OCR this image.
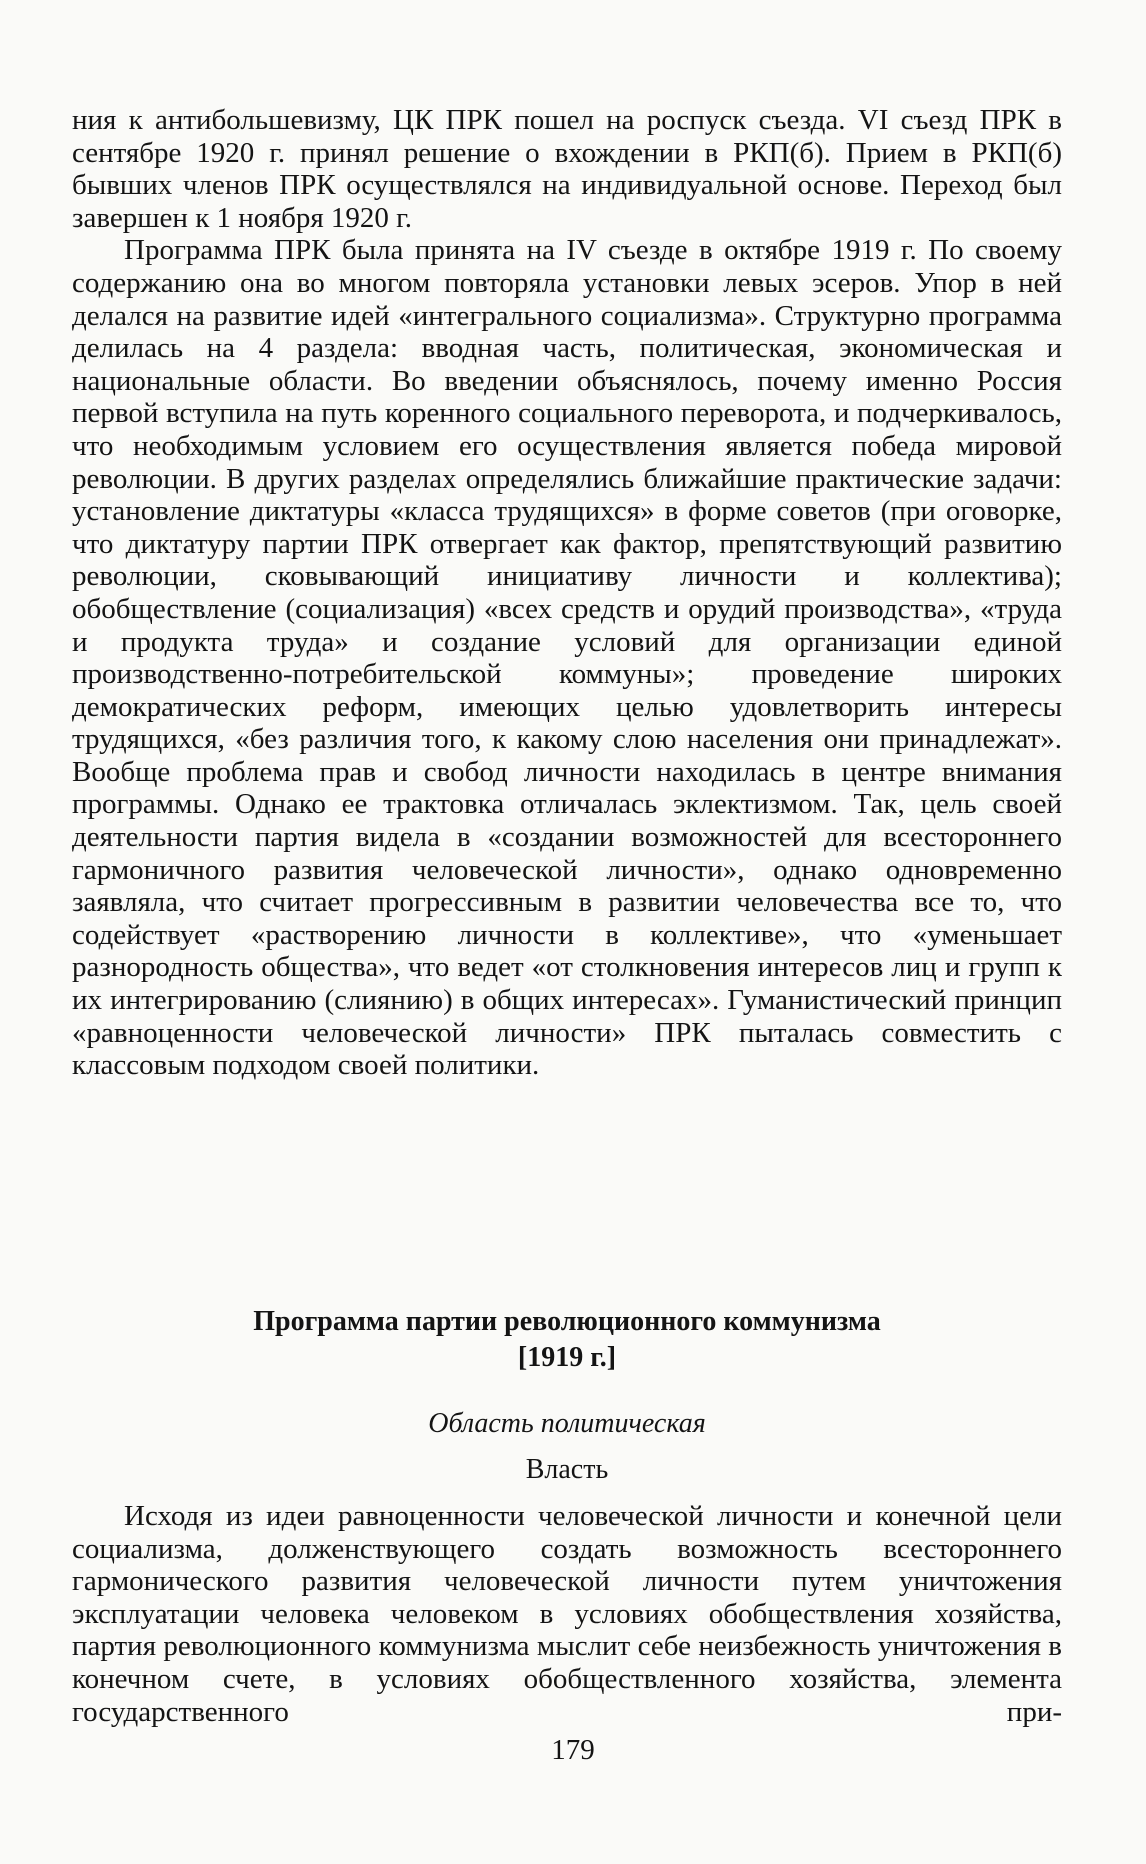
ния к антибольшевизму, ЦК ПРК пошел на роспуск съезда. VI съезд ПРК в сентябре 1920 г. принял решение о вхождении в РКП(б). Прием в РКП(б) бывших членов ПРК осуществлялся на индивидуальной основе. Переход был завершен к 1 ноября 1920 г.

Программа ПРК была принята на IV съезде в октябре 1919 г. По своему содержанию она во многом повторяла установки левых эсеров. Упор в ней делался на развитие идей «интегрального социализма». Структурно программа делилась на 4 раздела: вводная часть, политическая, экономическая и национальные области. Во введении объяснялось, почему именно Россия первой вступила на путь коренного социального переворота, и подчеркивалось, что необходимым условием его осуществления является победа мировой революции. В других разделах определялись ближайшие практические задачи: установление диктатуры «класса трудящихся» в форме советов (при оговорке, что диктатуру партии ПРК отвергает как фактор, препятствующий развитию революции, сковывающий инициативу личности и коллектива); обобществление (социализация) «всех средств и орудий производства», «труда и продукта труда» и создание условий для организации единой производственно-потребительской коммуны»; проведение широких демократических реформ, имеющих целью удовлетворить интересы трудящихся, «без различия того, к какому слою населения они принадлежат». Вообще проблема прав и свобод личности находилась в центре внимания программы. Однако ее трактовка отличалась эклектизмом. Так, цель своей деятельности партия видела в «создании возможностей для всестороннего гармоничного развития человеческой личности», однако одновременно заявляла, что считает прогрессивным в развитии человечества все то, что содействует «растворению личности в коллективе», что «уменьшает разнородность общества», что ведет «от столкновения интересов лиц и групп к их интегрированию (слиянию) в общих интересах». Гуманистический принцип «равноценности человеческой личности» ПРК пыталась совместить с классовым подходом своей политики.

Программа партии революционного коммунизма
[1919 г.]
Область политическая
Власть

Исходя из идеи равноценности человеческой личности и конечной цели социализма, долженствующего создать возможность всестороннего гармонического развития человеческой личности путем уничтожения эксплуатации человека человеком в условиях обобществления хозяйства, партия революционного коммунизма мыслит себе неизбежность уничтожения в конечном счете, в условиях обобществленного хозяйства, элемента государственного при-

179
